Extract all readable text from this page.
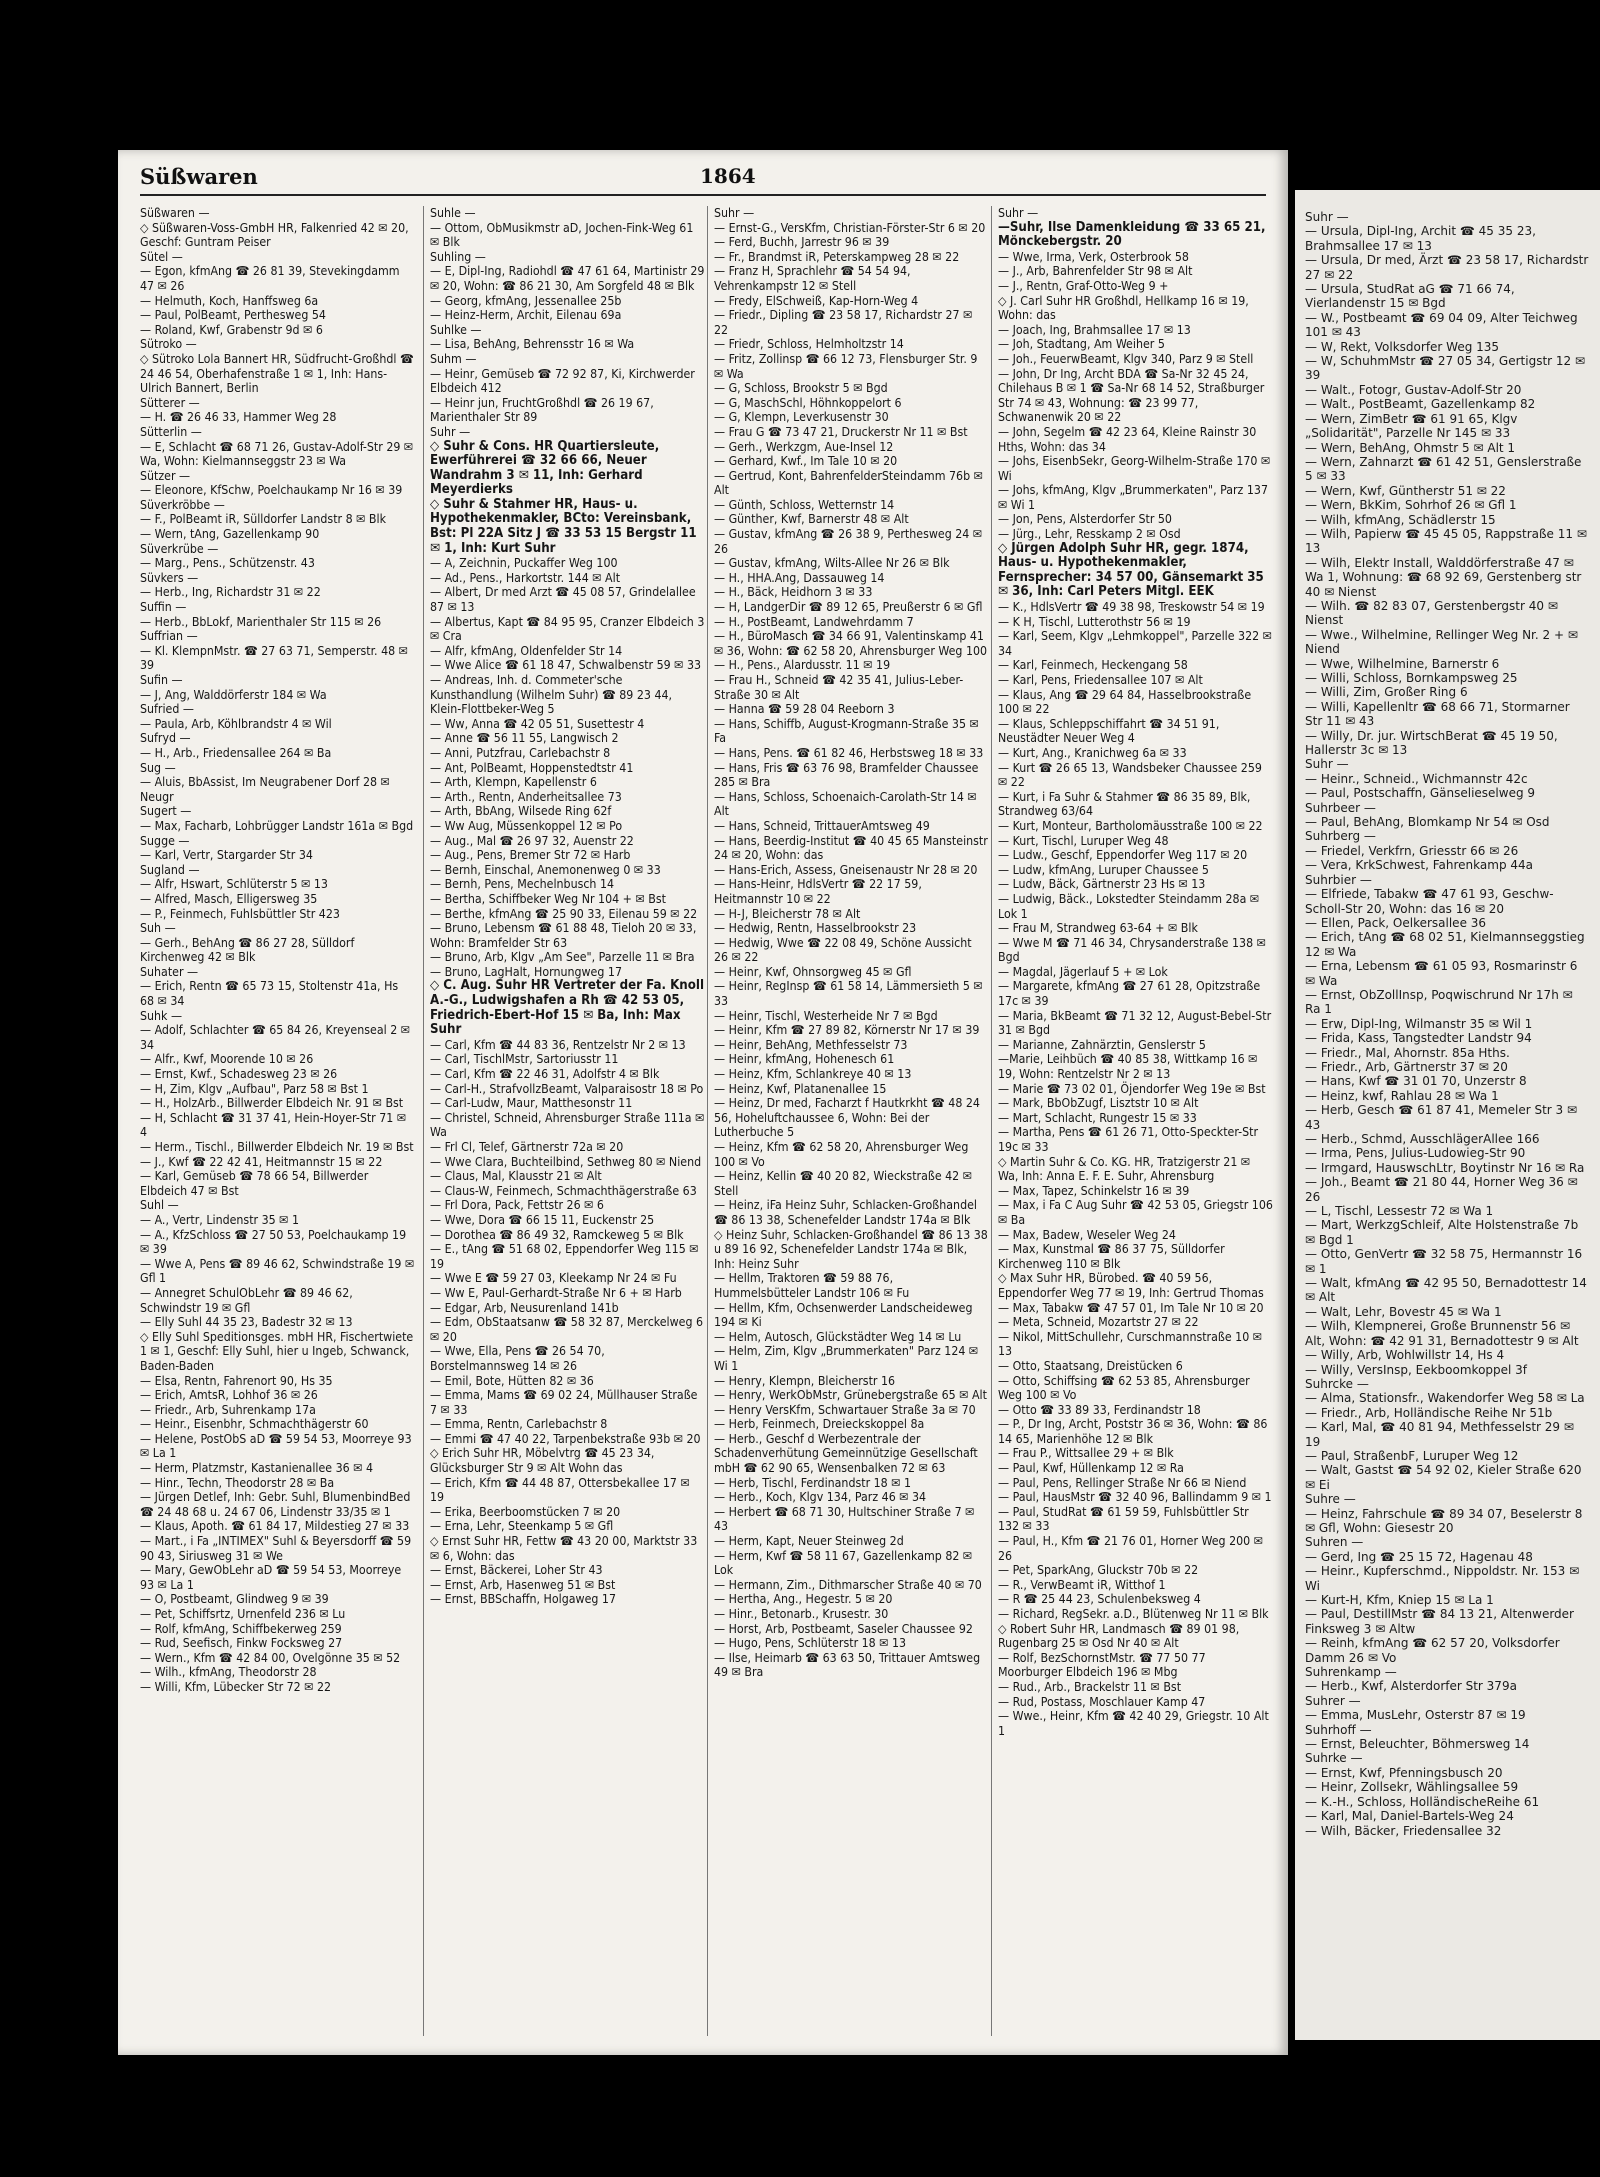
Süßwaren	1864

Süßwaren —

◇ Süßwaren-Voss-GmbH HR, Falkenried 42 ✉ 20, Geschf: Guntram Peiser

Sütel —

— Egon, kfmAng ☎ 26 81 39, Stevekingdamm 47 ✉ 26

— Helmuth, Koch, Hanffsweg 6a

— Paul, PolBeamt, Perthesweg 54

— Roland, Kwf, Grabenstr 9d ✉ 6

Sütroko —

◇ Sütroko Lola Bannert HR, Südfrucht-Großhdl ☎ 24 46 54, Oberhafenstraße 1 ✉ 1, Inh: Hans-Ulrich Bannert, Berlin

Sütterer —

— H. ☎ 26 46 33, Hammer Weg 28

Sütterlin —

— E, Schlacht ☎ 68 71 26, Gustav-Adolf-Str 29 ✉ Wa, Wohn: Kielmannseggstr 23 ✉ Wa

Sützer —

— Eleonore, KfSchw, Poelchaukamp Nr 16 ✉ 39

Süverkröbbe —

— F., PolBeamt iR, Sülldorfer Landstr 8 ✉ Blk

— Wern, tAng, Gazellenkamp 90

Süverkrübe —

— Marg., Pens., Schützenstr. 43

Süvkers —

— Herb., Ing, Richardstr 31 ✉ 22

Suffin —

— Herb., BbLokf, Marienthaler Str 115 ✉ 26

Suffrian —

— Kl. KlempnMstr. ☎ 27 63 71, Semperstr. 48 ✉ 39

Sufin —

— J, Ang, Walddörferstr 184 ✉ Wa

Sufried —

— Paula, Arb, Köhlbrandstr 4 ✉ Wil

Sufryd —

— H., Arb., Friedensallee 264 ✉ Ba

Sug —

— Aluis, BbAssist, Im Neugrabener Dorf 28 ✉ Neugr

Sugert —

— Max, Facharb, Lohbrügger Landstr 161a ✉ Bgd

Sugge —

— Karl, Vertr, Stargarder Str 34

Sugland —

— Alfr, Hswart, Schlüterstr 5 ✉ 13

— Alfred, Masch, Elligersweg 35

— P., Feinmech, Fuhlsbüttler Str 423

Suh —

— Gerh., BehAng ☎ 86 27 28, Sülldorf Kirchenweg 42 ✉ Blk

Suhater —

— Erich, Rentn ☎ 65 73 15, Stoltenstr 41a, Hs 68 ✉ 34

Suhk —

— Adolf, Schlachter ☎ 65 84 26, Kreyenseal 2 ✉ 34

— Alfr., Kwf, Moorende 10 ✉ 26

— Ernst, Kwf., Schadesweg 23 ✉ 26

— H, Zim, Klgv „Aufbau", Parz 58 ✉ Bst 1

— H., HolzArb., Billwerder Elbdeich Nr. 91 ✉ Bst

— H, Schlacht ☎ 31 37 41, Hein-Hoyer-Str 71 ✉ 4

— Herm., Tischl., Billwerder Elbdeich Nr. 19 ✉ Bst

— J., Kwf ☎ 22 42 41, Heitmannstr 15 ✉ 22

— Karl, Gemüseb ☎ 78 66 54, Billwerder Elbdeich 47 ✉ Bst

Suhl —

— A., Vertr, Lindenstr 35 ✉ 1

— A., KfzSchloss ☎ 27 50 53, Poelchaukamp 19 ✉ 39

— Wwe A, Pens ☎ 89 46 62, Schwindstraße 19 ✉ Gfl 1

— Annegret SchulObLehr ☎ 89 46 62, Schwindstr 19 ✉ Gfl

— Elly Suhl 44 35 23, Badestr 32 ✉ 13

◇ Elly Suhl Speditionsges. mbH HR, Fischertwiete 1 ✉ 1, Geschf: Elly Suhl, hier u Ingeb, Schwanck, Baden-Baden

— Elsa, Rentn, Fahrenort 90, Hs 35

— Erich, AmtsR, Lohhof 36 ✉ 26

— Friedr., Arb, Suhrenkamp 17a

— Heinr., Eisenbhr, Schmachthägerstr 60

— Helene, PostObS aD ☎ 59 54 53, Moorreye 93 ✉ La 1

— Herm, Platzmstr, Kastanienallee 36 ✉ 4

— Hinr., Techn, Theodorstr 28 ✉ Ba

— Jürgen Detlef, Inh: Gebr. Suhl, BlumenbindBed ☎ 24 48 68 u. 24 67 06, Lindenstr 33/35 ✉ 1

— Klaus, Apoth. ☎ 61 84 17, Mildestieg 27 ✉ 33

— Mart., i Fa „INTIMEX" Suhl & Beyersdorff ☎ 59 90 43, Siriusweg 31 ✉ We

— Mary, GewObLehr aD ☎ 59 54 53, Moorreye 93 ✉ La 1

— O, Postbeamt, Glindweg 9 ✉ 39

— Pet, Schiffsrtz, Urnenfeld 236 ✉ Lu

— Rolf, kfmAng, Schiffbekerweg 259

— Rud, Seefisch, Finkw Focksweg 27

— Wern., Kfm ☎ 42 84 00, Ovelgönne 35 ✉ 52

— Wilh., kfmAng, Theodorstr 28

— Willi, Kfm, Lübecker Str 72 ✉ 22

Suhle —

— Ottom, ObMusikmstr aD, Jochen-Fink-Weg 61 ✉ Blk

Suhling —

— E, Dipl-Ing, Radiohdl ☎ 47 61 64, Martinistr 29 ✉ 20, Wohn: ☎ 86 21 30, Am Sorgfeld 48 ✉ Blk

— Georg, kfmAng, Jessenallee 25b

— Heinz-Herm, Archit, Eilenau 69a

Suhlke —

— Lisa, BehAng, Behrensstr 16 ✉ Wa

Suhm —

— Heinr, Gemüseb ☎ 72 92 87, Ki, Kirchwerder Elbdeich 412

— Heinr jun, FruchtGroßhdl ☎ 26 19 67, Marienthaler Str 89

Suhr —

◇ Suhr & Cons. HR Quartiersleute, Ewerführerei ☎ 32 66 66, Neuer Wandrahm 3 ✉ 11, Inh: Gerhard Meyerdierks

◇ Suhr & Stahmer HR, Haus- u. Hypothekenmakler, BCto: Vereinsbank, Bst: Pl 22A Sitz J ☎ 33 53 15 Bergstr 11 ✉ 1, Inh: Kurt Suhr

— A, Zeichnin, Puckaffer Weg 100

— Ad., Pens., Harkortstr. 144 ✉ Alt

— Albert, Dr med Arzt ☎ 45 08 57, Grindelallee 87 ✉ 13

— Albertus, Kapt ☎ 84 95 95, Cranzer Elbdeich 3 ✉ Cra

— Alfr, kfmAng, Oldenfelder Str 14

— Wwe Alice ☎ 61 18 47, Schwalbenstr 59 ✉ 33

— Andreas, Inh. d. Commeter'sche Kunsthandlung (Wilhelm Suhr) ☎ 89 23 44, Klein-Flottbeker-Weg 5

— Ww, Anna ☎ 42 05 51, Susettestr 4

— Anne ☎ 56 11 55, Langwisch 2

— Anni, Putzfrau, Carlebachstr 8

— Ant, PolBeamt, Hoppenstedtstr 41

— Arth, Klempn, Kapellenstr 6

— Arth., Rentn, Anderheitsallee 73

— Arth, BbAng, Wilsede Ring 62f

— Ww Aug, Müssenkoppel 12 ✉ Po

— Aug., Mal ☎ 26 97 32, Auenstr 22

— Aug., Pens, Bremer Str 72 ✉ Harb

— Bernh, Einschal, Anemonenweg 0 ✉ 33

— Bernh, Pens, Mechelnbusch 14

— Bertha, Schiffbeker Weg Nr 104 + ✉ Bst

— Berthe, kfmAng ☎ 25 90 33, Eilenau 59 ✉ 22

— Bruno, Lebensm ☎ 61 88 48, Tieloh 20 ✉ 33, Wohn: Bramfelder Str 63

— Bruno, Arb, Klgv „Am See", Parzelle 11 ✉ Bra

— Bruno, LagHalt, Hornungweg 17

◇ C. Aug. Suhr HR Vertreter der Fa. Knoll A.-G., Ludwigshafen a Rh ☎ 42 53 05, Friedrich-Ebert-Hof 15 ✉ Ba, Inh: Max Suhr

— Carl, Kfm ☎ 44 83 36, Rentzelstr Nr 2 ✉ 13

— Carl, TischlMstr, Sartoriusstr 11

— Carl, Kfm ☎ 22 46 31, Adolfstr 4 ✉ Blk

— Carl-H., StrafvollzBeamt, Valparaisostr 18 ✉ Po

— Carl-Ludw, Maur, Matthesonstr 11

— Christel, Schneid, Ahrensburger Straße 111a ✉ Wa

— Frl Cl, Telef, Gärtnerstr 72a ✉ 20

— Wwe Clara, Buchteilbind, Sethweg 80 ✉ Niend

— Claus, Mal, Klausstr 21 ✉ Alt

— Claus-W, Feinmech, Schmachthägerstraße 63

— Frl Dora, Pack, Fettstr 26 ✉ 6

— Wwe, Dora ☎ 66 15 11, Euckenstr 25

— Dorothea ☎ 86 49 32, Ramckeweg 5 ✉ Blk

— E., tAng ☎ 51 68 02, Eppendorfer Weg 115 ✉ 19

— Wwe E ☎ 59 27 03, Kleekamp Nr 24 ✉ Fu

— Ww E, Paul-Gerhardt-Straße Nr 6 + ✉ Harb

— Edgar, Arb, Neusurenland 141b

— Edm, ObStaatsanw ☎ 58 32 87, Merckelweg 6 ✉ 20

— Wwe, Ella, Pens ☎ 26 54 70, Borstelmannsweg 14 ✉ 26

— Emil, Bote, Hütten 82 ✉ 36

— Emma, Mams ☎ 69 02 24, Müllhauser Straße 7 ✉ 33

— Emma, Rentn, Carlebachstr 8

— Emmi ☎ 47 40 22, Tarpenbekstraße 93b ✉ 20

◇ Erich Suhr HR, Möbelvtrg ☎ 45 23 34, Glücksburger Str 9 ✉ Alt Wohn das

— Erich, Kfm ☎ 44 48 87, Ottersbekallee 17 ✉ 19

— Erika, Beerboomstücken 7 ✉ 20

— Erna, Lehr, Steenkamp 5 ✉ Gfl

◇ Ernst Suhr HR, Fettw ☎ 43 20 00, Marktstr 33 ✉ 6, Wohn: das

— Ernst, Bäckerei, Loher Str 43

— Ernst, Arb, Hasenweg 51 ✉ Bst

— Ernst, BBSchaffn, Holgaweg 17

Suhr —

— Ernst-G., VersKfm, Christian-Förster-Str 6 ✉ 20

— Ferd, Buchh, Jarrestr 96 ✉ 39

— Fr., Brandmst iR, Peterskampweg 28 ✉ 22

— Franz H, Sprachlehr ☎ 54 54 94, Vehrenkampstr 12 ✉ Stell

— Fredy, ElSchweiß, Kap-Horn-Weg 4

— Friedr., Dipling ☎ 23 58 17, Richardstr 27 ✉ 22

— Friedr, Schloss, Helmholtzstr 14

— Fritz, Zollinsp ☎ 66 12 73, Flensburger Str. 9 ✉ Wa

— G, Schloss, Brookstr 5 ✉ Bgd

— G, MaschSchl, Höhnkoppelort 6

— G, Klempn, Leverkusenstr 30

— Frau G ☎ 73 47 21, Druckerstr Nr 11 ✉ Bst

— Gerh., Werkzgm, Aue-Insel 12

— Gerhard, Kwf., Im Tale 10 ✉ 20

— Gertrud, Kont, BahrenfelderSteindamm 76b ✉ Alt

— Günth, Schloss, Wetternstr 14

— Günther, Kwf, Barnerstr 48 ✉ Alt

— Gustav, kfmAng ☎ 26 38 9, Perthesweg 24 ✉ 26

— Gustav, kfmAng, Wilts-Allee Nr 26 ✉ Blk

— H., HHA.Ang, Dassauweg 14

— H., Bäck, Heidhorn 3 ✉ 33

— H, LandgerDir ☎ 89 12 65, Preußerstr 6 ✉ Gfl

— H., PostBeamt, Landwehrdamm 7

— H., BüroMasch ☎ 34 66 91, Valentinskamp 41 ✉ 36, Wohn: ☎ 62 58 20, Ahrensburger Weg 100

— H., Pens., Alardusstr. 11 ✉ 19

— Frau H., Schneid ☎ 42 35 41, Julius-Leber-Straße 30 ✉ Alt

— Hanna ☎ 59 28 04 Reeborn 3

— Hans, Schiffb, August-Krogmann-Straße 35 ✉ Fa

— Hans, Pens. ☎ 61 82 46, Herbstsweg 18 ✉ 33

— Hans, Fris ☎ 63 76 98, Bramfelder Chaussee 285 ✉ Bra

— Hans, Schloss, Schoenaich-Carolath-Str 14 ✉ Alt

— Hans, Schneid, TrittauerAmtsweg 49

— Hans, Beerdig-Institut ☎ 40 45 65 Mansteinstr 24 ✉ 20, Wohn: das

— Hans-Erich, Assess, Gneisenaustr Nr 28 ✉ 20

— Hans-Heinr, HdlsVertr ☎ 22 17 59, Heitmannstr 10 ✉ 22

— H-J, Bleicherstr 78 ✉ Alt

— Hedwig, Rentn, Hasselbrookstr 23

— Hedwig, Wwe ☎ 22 08 49, Schöne Aussicht 26 ✉ 22

— Heinr, Kwf, Ohnsorgweg 45 ✉ Gfl

— Heinr, RegInsp ☎ 61 58 14, Lämmersieth 5 ✉ 33

— Heinr, Tischl, Westerheide Nr 7 ✉ Bgd

— Heinr, Kfm ☎ 27 89 82, Körnerstr Nr 17 ✉ 39

— Heinr, BehAng, Methfesselstr 73

— Heinr, kfmAng, Hohenesch 61

— Heinz, Kfm, Schlankreye 40 ✉ 13

— Heinz, Kwf, Platanenallee 15

— Heinz, Dr med, Facharzt f Hautkrkht ☎ 48 24 56, Hoheluftchaussee 6, Wohn: Bei der Lutherbuche 5

— Heinz, Kfm ☎ 62 58 20, Ahrensburger Weg 100 ✉ Vo

— Heinz, Kellin ☎ 40 20 82, Wieckstraße 42 ✉ Stell

— Heinz, iFa Heinz Suhr, Schlacken-Großhandel ☎ 86 13 38, Schenefelder Landstr 174a ✉ Blk

◇ Heinz Suhr, Schlacken-Großhandel ☎ 86 13 38 u 89 16 92, Schenefelder Landstr 174a ✉ Blk, Inh: Heinz Suhr

— Hellm, Traktoren ☎ 59 88 76, Hummelsbütteler Landstr 106 ✉ Fu

— Hellm, Kfm, Ochsenwerder Landscheideweg 194 ✉ Ki

— Helm, Autosch, Glückstädter Weg 14 ✉ Lu

— Helm, Zim, Klgv „Brummerkaten" Parz 124 ✉ Wi 1

— Henry, Klempn, Bleicherstr 16

— Henry, WerkObMstr, Grünebergstraße 65 ✉ Alt

— Henry VersKfm, Schwartauer Straße 3a ✉ 70

— Herb, Feinmech, Dreieckskoppel 8a

— Herb., Geschf d Werbezentrale der Schadenverhütung Gemeinnützige Gesellschaft mbH ☎ 62 90 65, Wensenbalken 72 ✉ 63

— Herb, Tischl, Ferdinandstr 18 ✉ 1

— Herb., Koch, Klgv 134, Parz 46 ✉ 34

— Herbert ☎ 68 71 30, Hultschiner Straße 7 ✉ 43

— Herm, Kapt, Neuer Steinweg 2d

— Herm, Kwf ☎ 58 11 67, Gazellenkamp 82 ✉ Lok

— Hermann, Zim., Dithmarscher Straße 40 ✉ 70

— Hertha, Ang., Hegestr. 5 ✉ 20

— Hinr., Betonarb., Krusestr. 30

— Horst, Arb, Postbeamt, Saseler Chaussee 92

— Hugo, Pens, Schlüterstr 18 ✉ 13

— Ilse, Heimarb ☎ 63 63 50, Trittauer Amtsweg 49 ✉ Bra

Suhr —

—Suhr, Ilse Damenkleidung ☎ 33 65 21, Mönckebergstr. 20

— Wwe, Irma, Verk, Osterbrook 58

— J., Arb, Bahrenfelder Str 98 ✉ Alt

— J., Rentn, Graf-Otto-Weg 9 +

◇ J. Carl Suhr HR Großhdl, Hellkamp 16 ✉ 19, Wohn: das

— Joach, Ing, Brahmsallee 17 ✉ 13

— Joh, Stadtang, Am Weiher 5

— Joh., FeuerwBeamt, Klgv 340, Parz 9 ✉ Stell

— John, Dr Ing, Archt BDA ☎ Sa-Nr 32 45 24, Chilehaus B ✉ 1 ☎ Sa-Nr 68 14 52, Straßburger Str 74 ✉ 43, Wohnung: ☎ 23 99 77, Schwanenwik 20 ✉ 22

— John, Segelm ☎ 42 23 64, Kleine Rainstr 30 Hths, Wohn: das 34

— Johs, EisenbSekr, Georg-Wilhelm-Straße 170 ✉ Wi

— Johs, kfmAng, Klgv „Brummerkaten", Parz 137 ✉ Wi 1

— Jon, Pens, Alsterdorfer Str 50

— Jürg., Lehr, Resskamp 2 ✉ Osd

◇ Jürgen Adolph Suhr HR, gegr. 1874, Haus- u. Hypothekenmakler, Fernsprecher: 34 57 00, Gänsemarkt 35 ✉ 36, Inh: Carl Peters Mitgl. EEK

— K., HdlsVertr ☎ 49 38 98, Treskowstr 54 ✉ 19

— K H, Tischl, Lutterothstr 56 ✉ 19

— Karl, Seem, Klgv „Lehmkoppel", Parzelle 322 ✉ 34

— Karl, Feinmech, Heckengang 58

— Karl, Pens, Friedensallee 107 ✉ Alt

— Klaus, Ang ☎ 29 64 84, Hasselbrookstraße 100 ✉ 22

— Klaus, Schleppschiffahrt ☎ 34 51 91, Neustädter Neuer Weg 4

— Kurt, Ang., Kranichweg 6a ✉ 33

— Kurt ☎ 26 65 13, Wandsbeker Chaussee 259 ✉ 22

— Kurt, i Fa Suhr & Stahmer ☎ 86 35 89, Blk, Strandweg 63/64

— Kurt, Monteur, Bartholomäusstraße 100 ✉ 22

— Kurt, Tischl, Luruper Weg 48

— Ludw., Geschf, Eppendorfer Weg 117 ✉ 20

— Ludw, kfmAng, Luruper Chaussee 5

— Ludw, Bäck, Gärtnerstr 23 Hs ✉ 13

— Ludwig, Bäck., Lokstedter Steindamm 28a ✉ Lok 1

— Frau M, Strandweg 63-64 + ✉ Blk

— Wwe M ☎ 71 46 34, Chrysanderstraße 138 ✉ Bgd

— Magdal, Jägerlauf 5 + ✉ Lok

— Margarete, kfmAng ☎ 27 61 28, Opitzstraße 17c ✉ 39

— Maria, BkBeamt ☎ 71 32 12, August-Bebel-Str 31 ✉ Bgd

— Marianne, Zahnärztin, Genslerstr 5

—Marie, Leihbüch ☎ 40 85 38, Wittkamp 16 ✉ 19, Wohn: Rentzelstr Nr 2 ✉ 13

— Marie ☎ 73 02 01, Öjendorfer Weg 19e ✉ Bst

— Mark, BbObZugf, Lisztstr 10 ✉ Alt

— Mart, Schlacht, Rungestr 15 ✉ 33

— Martha, Pens ☎ 61 26 71, Otto-Speckter-Str 19c ✉ 33

◇ Martin Suhr & Co. KG. HR, Tratzigerstr 21 ✉ Wa, Inh: Anna E. F. E. Suhr, Ahrensburg

— Max, Tapez, Schinkelstr 16 ✉ 39

— Max, i Fa C Aug Suhr ☎ 42 53 05, Griegstr 106 ✉ Ba

— Max, Badew, Weseler Weg 24

— Max, Kunstmal ☎ 86 37 75, Sülldorfer Kirchenweg 110 ✉ Blk

◇ Max Suhr HR, Bürobed. ☎ 40 59 56, Eppendorfer Weg 77 ✉ 19, Inh: Gertrud Thomas

— Max, Tabakw ☎ 47 57 01, Im Tale Nr 10 ✉ 20

— Meta, Schneid, Mozartstr 27 ✉ 22

— Nikol, MittSchullehr, Curschmannstraße 10 ✉ 13

— Otto, Staatsang, Dreistücken 6

— Otto, Schiffsing ☎ 62 53 85, Ahrensburger Weg 100 ✉ Vo

— Otto ☎ 33 89 33, Ferdinandstr 18

— P., Dr Ing, Archt, Poststr 36 ✉ 36, Wohn: ☎ 86 14 65, Marienhöhe 12 ✉ Blk

— Frau P., Wittsallee 29 + ✉ Blk

— Paul, Kwf, Hüllenkamp 12 ✉ Ra

— Paul, Pens, Rellinger Straße Nr 66 ✉ Niend

— Paul, HausMstr ☎ 32 40 96, Ballindamm 9 ✉ 1

— Paul, StudRat ☎ 61 59 59, Fuhlsbüttler Str 132 ✉ 33

— Paul, H., Kfm ☎ 21 76 01, Horner Weg 200 ✉ 26

— Pet, SparkAng, Gluckstr 70b ✉ 22

— R., VerwBeamt iR, Witthof 1

— R ☎ 25 44 23, Schulenbeksweg 4

— Richard, RegSekr. a.D., Blütenweg Nr 11 ✉ Blk

◇ Robert Suhr HR, Landmasch ☎ 89 01 98, Rugenbarg 25 ✉ Osd Nr 40 ✉ Alt

— Rolf, BezSchornstMstr. ☎ 77 50 77 Moorburger Elbdeich 196 ✉ Mbg

— Rud., Arb., Brackelstr 11 ✉ Bst

— Rud, Postass, Moschlauer Kamp 47

— Wwe., Heinr, Kfm ☎ 42 40 29, Griegstr. 10 Alt 1

Suhr —

— Ursula, Dipl-Ing, Archit ☎ 45 35 23, Brahmsallee 17 ✉ 13

— Ursula, Dr med, Ärzt ☎ 23 58 17, Richardstr 27 ✉ 22

— Ursula, StudRat aG ☎ 71 66 74, Vierlandenstr 15 ✉ Bgd

— W., Postbeamt ☎ 69 04 09, Alter Teichweg 101 ✉ 43

— W, Rekt, Volksdorfer Weg 135

— W, SchuhmMstr ☎ 27 05 34, Gertigstr 12 ✉ 39

— Walt., Fotogr, Gustav-Adolf-Str 20

— Walt., PostBeamt, Gazellenkamp 82

— Wern, ZimBetr ☎ 61 91 65, Klgv „Solidarität", Parzelle Nr 145 ✉ 33

— Wern, BehAng, Ohmstr 5 ✉ Alt 1

— Wern, Zahnarzt ☎ 61 42 51, Genslerstraße 5 ✉ 33

— Wern, Kwf, Güntherstr 51 ✉ 22

— Wern, BkKim, Sohrhof 26 ✉ Gfl 1

— Wilh, kfmAng, Schädlerstr 15

— Wilh, Papierw ☎ 45 45 05, Rappstraße 11 ✉ 13

— Wilh, Elektr Install, Walddörferstraße 47 ✉ Wa 1, Wohnung: ☎ 68 92 69, Gerstenberg str 40 ✉ Nienst

— Wilh. ☎ 82 83 07, Gerstenbergstr 40 ✉ Nienst

— Wwe., Wilhelmine, Rellinger Weg Nr. 2 + ✉ Niend

— Wwe, Wilhelmine, Barnerstr 6

— Willi, Schloss, Bornkampsweg 25

— Willi, Zim, Großer Ring 6

— Willi, Kapellenltr ☎ 68 66 71, Stormarner Str 11 ✉ 43

— Willy, Dr. jur. WirtschBerat ☎ 45 19 50, Hallerstr 3c ✉ 13

Suhr —

— Heinr., Schneid., Wichmannstr 42c

— Paul, Postschaffn, Gänselieselweg 9

Suhrbeer —

— Paul, BehAng, Blomkamp Nr 54 ✉ Osd

Suhrberg —

— Friedel, Verkfrn, Griesstr 66 ✉ 26

— Vera, KrkSchwest, Fahrenkamp 44a

Suhrbier —

— Elfriede, Tabakw ☎ 47 61 93, Geschw-Scholl-Str 20, Wohn: das 16 ✉ 20

— Ellen, Pack, Oelkersallee 36

— Erich, tAng ☎ 68 02 51, Kielmannseggstieg 12 ✉ Wa

— Erna, Lebensm ☎ 61 05 93, Rosmarinstr 6 ✉ Wa

— Ernst, ObZollInsp, Poqwischrund Nr 17h ✉ Ra 1

— Erw, Dipl-Ing, Wilmanstr 35 ✉ Wil 1

— Frida, Kass, Tangstedter Landstr 94

— Friedr., Mal, Ahornstr. 85a Hths.

— Friedr., Arb, Gärtnerstr 37 ✉ 20

— Hans, Kwf ☎ 31 01 70, Unzerstr 8

— Heinz, kwf, Rahlau 28 ✉ Wa 1

— Herb, Gesch ☎ 61 87 41, Memeler Str 3 ✉ 43

— Herb., Schmd, AusschlägerAllee 166

— Irma, Pens, Julius-Ludowieg-Str 90

— Irmgard, HauswschLtr, Boytinstr Nr 16 ✉ Ra

— Joh., Beamt ☎ 21 80 44, Horner Weg 36 ✉ 26

— L, Tischl, Lessestr 72 ✉ Wa 1

— Mart, WerkzgSchleif, Alte Holstenstraße 7b ✉ Bgd 1

— Otto, GenVertr ☎ 32 58 75, Hermannstr 16 ✉ 1

— Walt, kfmAng ☎ 42 95 50, Bernadottestr 14 ✉ Alt

— Walt, Lehr, Bovestr 45 ✉ Wa 1

— Wilh, Klempnerei, Große Brunnenstr 56 ✉ Alt, Wohn: ☎ 42 91 31, Bernadottestr 9 ✉ Alt

— Willy, Arb, Wohlwillstr 14, Hs 4

— Willy, VersInsp, Eekboomkoppel 3f

Suhrcke —

— Alma, Stationsfr., Wakendorfer Weg 58 ✉ La

— Friedr., Arb, Holländische Reihe Nr 51b

— Karl, Mal, ☎ 40 81 94, Methfesselstr 29 ✉ 19

— Paul, StraßenbF, Luruper Weg 12

— Walt, Gastst ☎ 54 92 02, Kieler Straße 620 ✉ Ei

Suhre —

— Heinz, Fahrschule ☎ 89 34 07, Beselerstr 8 ✉ Gfl, Wohn: Giesestr 20

Suhren —

— Gerd, Ing ☎ 25 15 72, Hagenau 48

— Heinr., Kupferschmd., Nippoldstr. Nr. 153 ✉ Wi

— Kurt-H, Kfm, Kniep 15 ✉ La 1

— Paul, DestillMstr ☎ 84 13 21, Altenwerder Finksweg 3 ✉ Altw

— Reinh, kfmAng ☎ 62 57 20, Volksdorfer Damm 26 ✉ Vo

Suhrenkamp —

— Herb., Kwf, Alsterdorfer Str 379a

Suhrer —

— Emma, MusLehr, Osterstr 87 ✉ 19

Suhrhoff —

— Ernst, Beleuchter, Böhmersweg 14

Suhrke —

— Ernst, Kwf, Pfenningsbusch 20

— Heinr, Zollsekr, Wählingsallee 59

— K.-H., Schloss, HolländischeReihe 61

— Karl, Mal, Daniel-Bartels-Weg 24

— Wilh, Bäcker, Friedensallee 32
